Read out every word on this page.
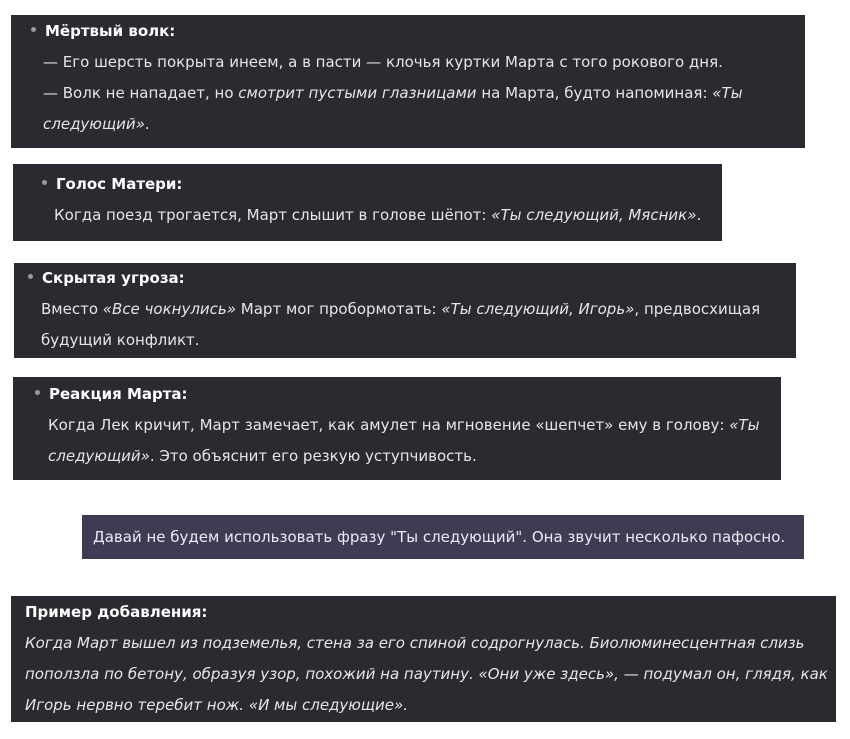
Мёртвый волк:

— Его шерсть покрыта инеем, а в пасти — клочья куртки Марта с того рокового дня.

— Волк не нападает, но смотрит пустыми глазницами на Марта, будто напоминая: «Ты

следующий».

Голос Матери:

Когда поезд трогается, Март слышит в голове шёпот: «Ты следующий, Мясник».

Скрытая угроза:

Вместо «Все чокнулись» Март мог пробормотать: «Ты следующий, Игорь», предвосхищая

будущий конфликт.

Реакция Марта:

Когда Лек кричит, Март замечает, как амулет на мгновение «шепчет» ему в голову: «Ты

следующий». Это объяснит его резкую уступчивость.

Давай не будем использовать фразу "Ты следующий". Она звучит несколько пафосно.

Пример добавления:

Когда Март вышел из подземелья, стена за его спиной содрогнулась. Биолюминесцентная слизь

поползла по бетону, образуя узор, похожий на паутину. «Они уже здесь», — подумал он, глядя, как

Игорь нервно теребит нож. «И мы следующие».
